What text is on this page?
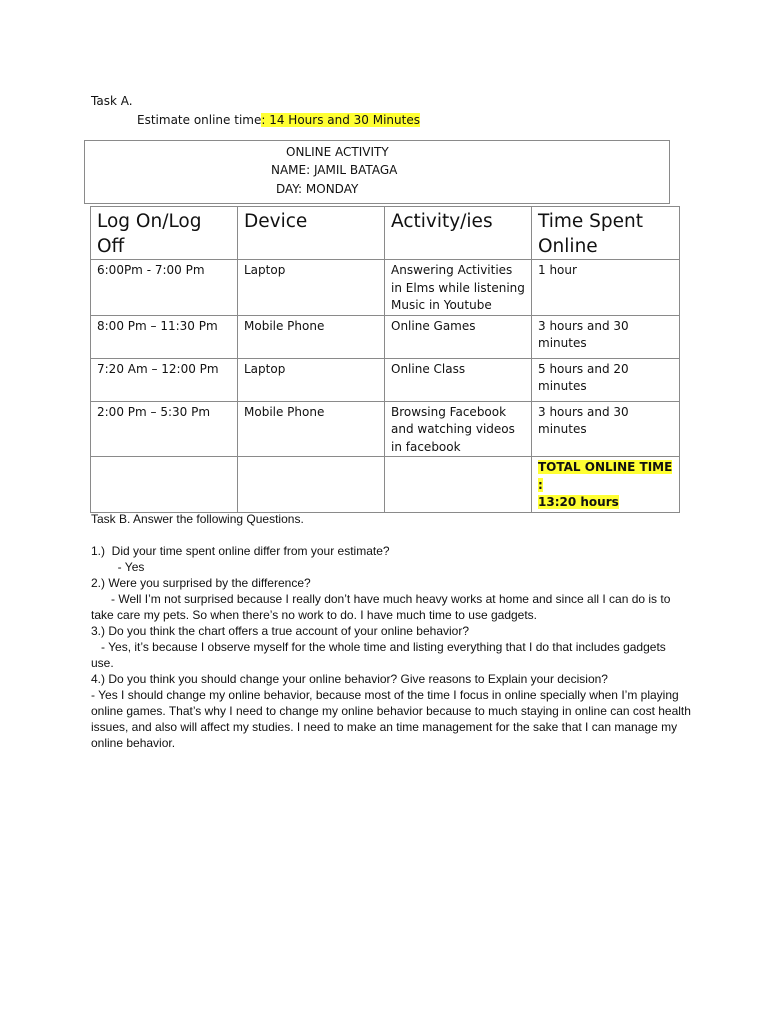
Task A.
Estimate online time: 14 Hours and 30 Minutes
ONLINE ACTIVITY
NAME: JAMIL BATAGA
DAY: MONDAY
Log On/Log Off	Device	Activity/ies	Time Spent Online
6:00Pm - 7:00 Pm	Laptop	Answering Activities in Elms while listening Music in Youtube	1 hour
8:00 Pm – 11:30 Pm	Mobile Phone	Online Games	3 hours and 30 minutes
7:20 Am – 12:00 Pm	Laptop	Online Class	5 hours and 20 minutes
2:00 Pm – 5:30 Pm	Mobile Phone	Browsing Facebook and watching videos in facebook	3 hours and 30 minutes
			TOTAL ONLINE TIME :
13:20 hours

Task B. Answer the following Questions.

1.)  Did your time spent online differ from your estimate?

- Yes

2.) Were you surprised by the difference?

- Well I’m not surprised because I really don’t have much heavy works at home and since all I can do is to take care my pets. So when there’s no work to do. I have much time to use gadgets.

3.) Do you think the chart offers a true account of your online behavior?

- Yes, it’s because I observe myself for the whole time and listing everything that I do that includes gadgets use.

4.) Do you think you should change your online behavior? Give reasons to Explain your decision?

- Yes I should change my online behavior, because most of the time I focus in online specially when I’m playing online games. That’s why I need to change my online behavior because to much staying in online can cost health issues, and also will affect my studies. I need to make an time management for the sake that I can manage my online behavior.
